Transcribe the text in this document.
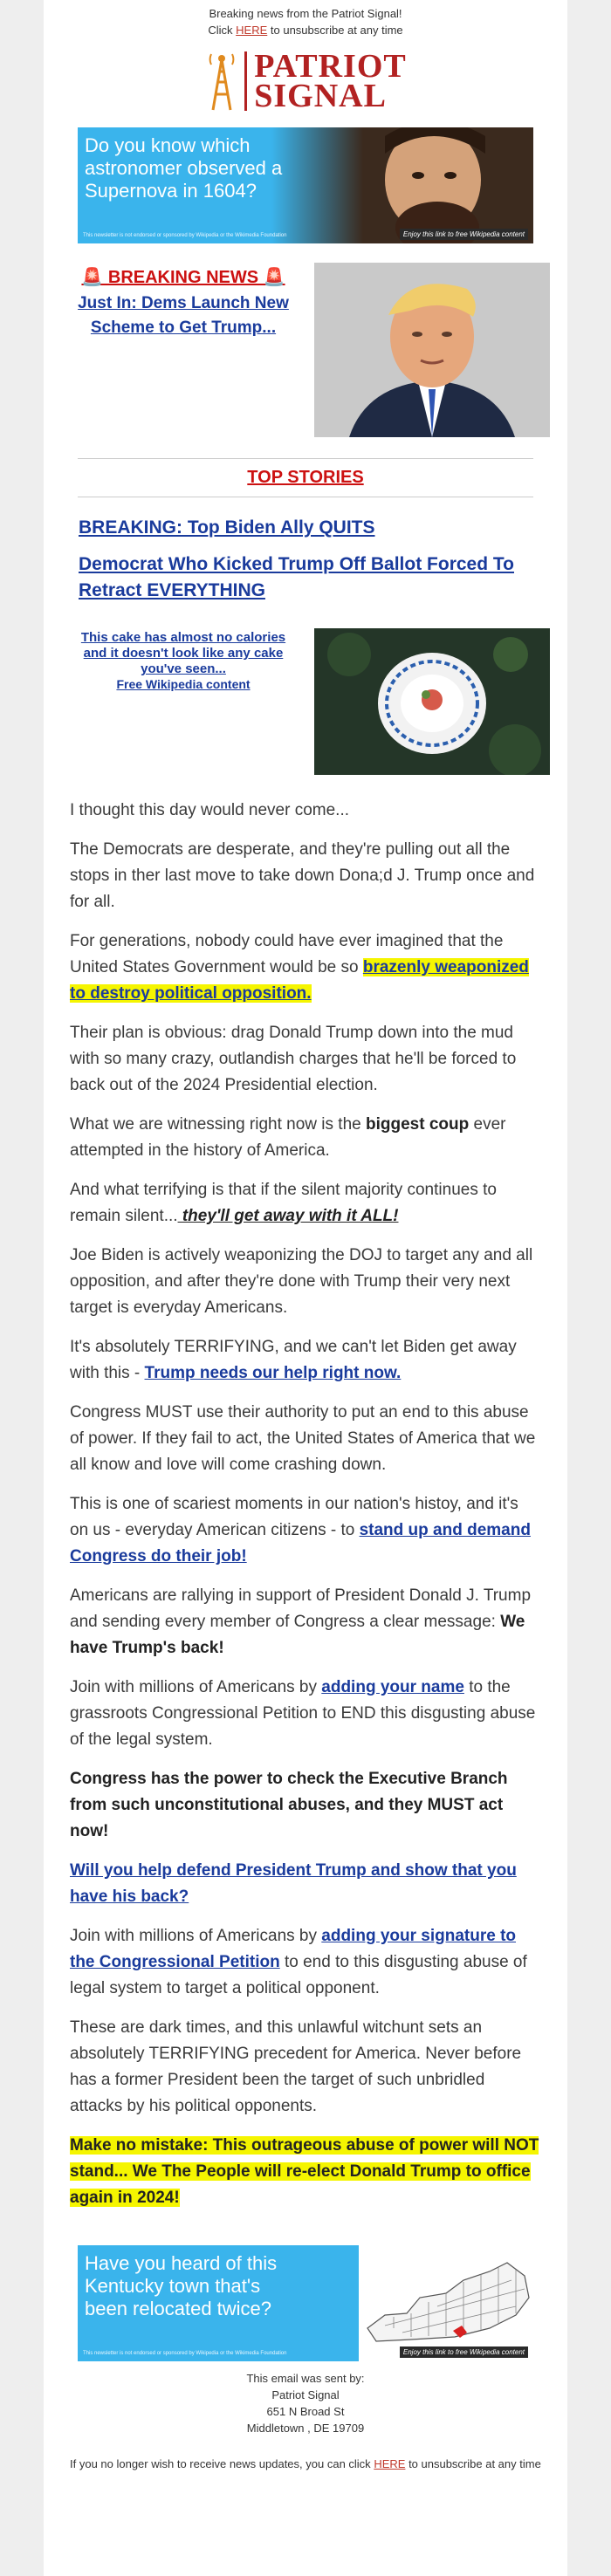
Breaking news from the Patriot Signal!
Click HERE to unsubscribe at any time
PATRIOT
SIGNAL
Do you know which astronomer observed a Supernova in 1604?
This newsletter is not endorsed or sponsored by Wikipedia or the Wikimedia Foundation	Enjoy this link to free Wikipedia content
🚨 BREAKING NEWS 🚨
Just In: Dems Launch New Scheme to Get Trump...
TOP STORIES
BREAKING: Top Biden Ally QUITS
Democrat Who Kicked Trump Off Ballot Forced To Retract EVERYTHING
This cake has almost no calories and it doesn't look like any cake you've seen...
Free Wikipedia content

I thought this day would never come...

The Democrats are desperate, and they're pulling out all the stops in ther last move to take down Dona;d J. Trump once and for all.

For generations, nobody could have ever imagined that the United States Government would be so brazenly weaponized to destroy political opposition.

Their plan is obvious: drag Donald Trump down into the mud with so many crazy, outlandish charges that he'll be forced to back out of the 2024 Presidential election.

What we are witnessing right now is the biggest coup ever attempted in the history of America.

And what terrifying is that if the silent majority continues to remain silent... they'll get away with it ALL!

Joe Biden is actively weaponizing the DOJ to target any and all opposition, and after they're done with Trump their very next target is everyday Americans.

It's absolutely TERRIFYING, and we can't let Biden get away with this - Trump needs our help right now.

Congress MUST use their authority to put an end to this abuse of power. If they fail to act, the United States of America that we all know and love will come crashing down.

This is one of scariest moments in our nation's histoy, and it's on us - everyday American citizens - to stand up and demand Congress do their job!

Americans are rallying in support of President Donald J. Trump and sending every member of Congress a clear message: We have Trump's back!

Join with millions of Americans by adding your name to the grassroots Congressional Petition to END this disgusting abuse of the legal system.

Congress has the power to check the Executive Branch from such unconstitutional abuses, and they MUST act now!

Will you help defend President Trump and show that you have his back?

Join with millions of Americans by adding your signature to the Congressional Petition to end to this disgusting abuse of legal system to target a political opponent.

These are dark times, and this unlawful witchunt sets an absolutely TERRIFYING precedent for America. Never before has a former President been the target of such unbridled attacks by his political opponents.

Make no mistake: This outrageous abuse of power will NOT stand... We The People will re-elect Donald Trump to office again in 2024!

Have you heard of this Kentucky town that's been relocated twice?
This newsletter is not endorsed or sponsored by Wikipedia or the Wikimedia Foundation	Enjoy this link to free Wikipedia content
This email was sent by:
Patriot Signal
651 N Broad St
Middletown , DE 19709
If you no longer wish to receive news updates, you can click HERE to unsubscribe at any time
